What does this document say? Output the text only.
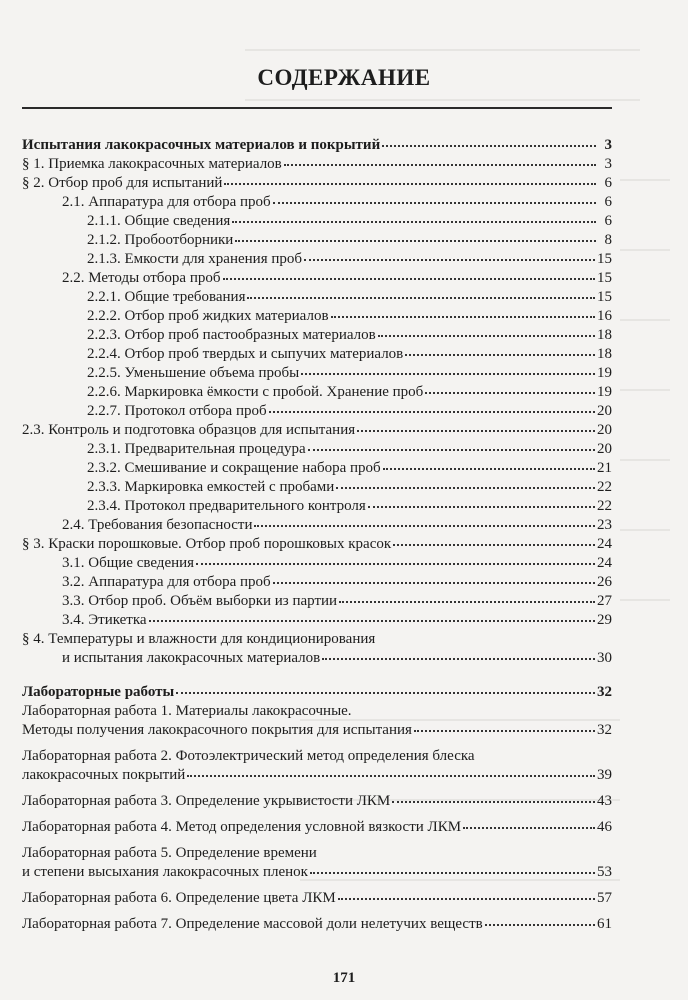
СОДЕРЖАНИЕ
Испытания лакокрасочных материалов и покрытий	3
§ 1. Приемка лакокрасочных материалов	3
§ 2. Отбор проб для испытаний	6
2.1. Аппаратура для отбора проб	6
2.1.1. Общие сведения	6
2.1.2. Пробоотборники	8
2.1.3. Емкости для хранения проб	15
2.2. Методы отбора проб	15
2.2.1. Общие требования	15
2.2.2. Отбор проб жидких материалов	16
2.2.3. Отбор проб пастообразных материалов	18
2.2.4. Отбор проб твердых и сыпучих материалов	18
2.2.5. Уменьшение объема пробы	19
2.2.6. Маркировка ёмкости с пробой. Хранение проб	19
2.2.7. Протокол отбора проб	20
2.3. Контроль и подготовка образцов для испытания	20
2.3.1. Предварительная процедура	20
2.3.2. Смешивание и сокращение набора проб	21
2.3.3. Маркировка емкостей с пробами	22
2.3.4. Протокол предварительного контроля	22
2.4. Требования безопасности	23
§ 3. Краски порошковые. Отбор проб порошковых красок	24
3.1. Общие сведения	24
3.2. Аппаратура для отбора проб	26
3.3. Отбор проб. Объём выборки из партии	27
3.4. Этикетка	29
§ 4. Температуры и влажности для кондиционирования
и испытания лакокрасочных материалов	30
Лабораторные работы	32
Лабораторная работа 1. Материалы лакокрасочные.
Методы получения лакокрасочного покрытия для испытания	32
Лабораторная работа 2. Фотоэлектрический метод определения блеска
лакокрасочных покрытий	39
Лабораторная работа 3. Определение укрывистости ЛКМ	43
Лабораторная работа 4. Метод определения условной вязкости ЛКМ	46
Лабораторная работа 5. Определение времени
и степени высыхания лакокрасочных пленок	53
Лабораторная работа 6. Определение цвета ЛКМ	57
Лабораторная работа 7. Определение массовой доли нелетучих веществ	61
171
